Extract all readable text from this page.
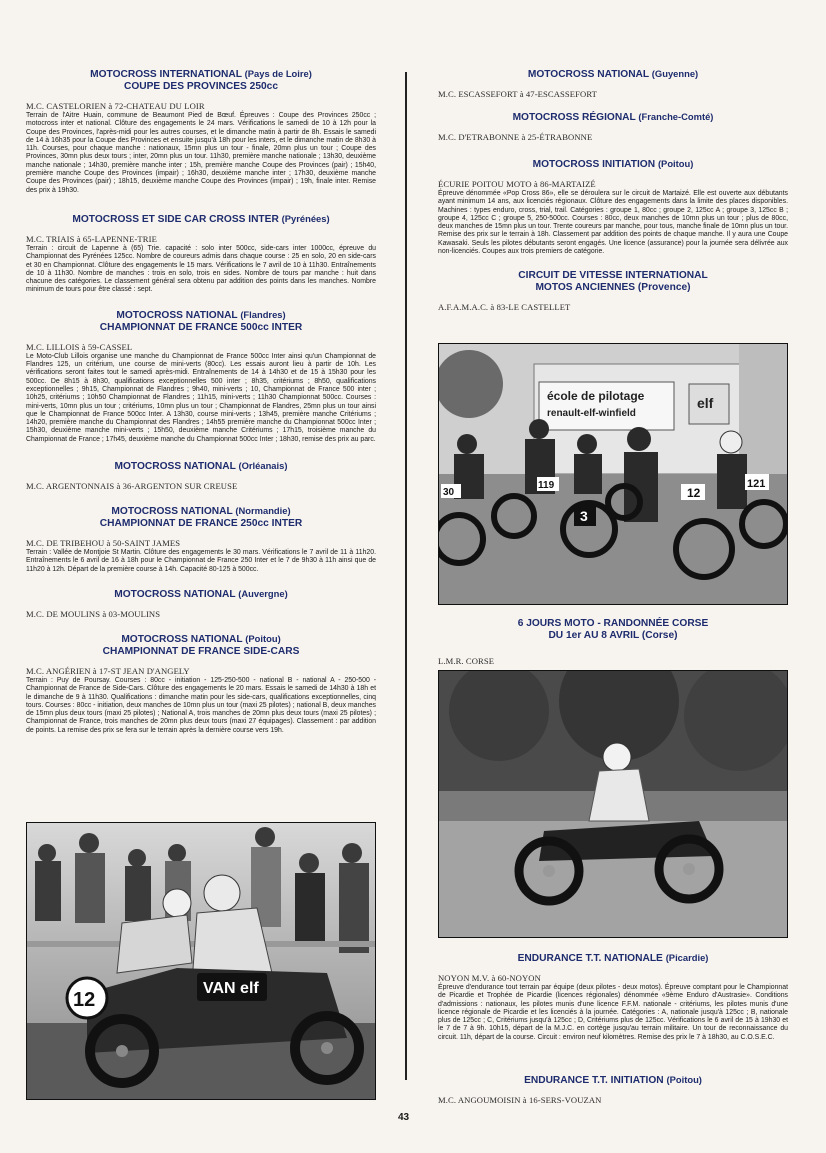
MOTOCROSS INTERNATIONAL (Pays de Loire)
COUPE DES PROVINCES 250cc
M.C. CASTELORIEN à 72-CHATEAU DU LOIR
Terrain de l'Aitre Huain, commune de Beaumont Pied de Bœuf. Épreuves : Coupe des Provinces 250cc ; motocross inter et national. Clôture des engagements le 24 mars. Vérifications le samedi de 10 à 12h pour la Coupe des Provinces, l'après-midi pour les autres courses, et le dimanche matin à partir de 8h. Essais le samedi de 14 à 16h35 pour la Coupe des Provinces et ensuite jusqu'à 18h pour les inters, et le dimanche matin de 8h30 à 11h. Courses, pour chaque manche : nationaux, 15mn plus un tour - finale, 20mn plus un tour ; Coupe des Provinces, 30mn plus deux tours ; inter, 20mn plus un tour. 11h30, première manche nationale ; 13h30, deuxième manche nationale ; 14h30, première manche inter ; 15h, première manche Coupe des Provinces (pair) ; 15h40, première manche Coupe des Provinces (impair) ; 16h30, deuxième manche inter ; 17h30, deuxième manche Coupe des Provinces (pair) ; 18h15, deuxième manche Coupe des Provinces (impair) ; 19h, finale inter. Remise des prix à 19h30.
MOTOCROSS ET SIDE CAR CROSS INTER (Pyrénées)
M.C. TRIAIS à 65-LAPENNE-TRIE
Terrain : circuit de Lapenne à (65) Trie. capacité : solo inter 500cc, side-cars inter 1000cc, épreuve du Championnat des Pyrénées 125cc. Nombre de coureurs admis dans chaque course : 25 en solo, 20 en side-cars et 30 en Championnat. Clôture des engagements le 15 mars. Vérifications le 7 avril de 10 à 11h30. Entraînements de 10 à 11h30. Nombre de manches : trois en solo, trois en sides. Nombre de tours par manche : huit dans chacune des catégories. Le classement général sera obtenu par addition des points dans les manches. Nombre minimum de tours pour être classé : sept.
MOTOCROSS NATIONAL (Flandres)
CHAMPIONNAT DE FRANCE 500cc INTER
M.C. LILLOIS à 59-CASSEL
Le Moto-Club Lillois organise une manche du Championnat de France 500cc Inter ainsi qu'un Championnat de Flandres 125, un critérium, une course de mini-verts (80cc). Les essais auront lieu à partir de 10h. Les vérifications seront faites tout le samedi après-midi. Entraînements de 14 à 14h30 et de 15 à 15h30 pour les 500cc. De 8h15 à 8h30, qualifications exceptionnelles 500 inter ; 8h35, critériums ; 8h50, qualifications exceptionnelles ; 9h15, Championnat de Flandres ; 9h40, mini-verts ; 10, Championnat de France 500 inter ; 10h25, critériums ; 10h50 Championnat de Flandres ; 11h15, mini-verts ; 11h30 Championnat 500cc. Courses : mini-verts, 10mn plus un tour ; critériums, 10mn plus un tour ; Championnat de Flandres, 25mn plus un tour ainsi que le Championnat de France 500cc Inter. A 13h30, course mini-verts ; 13h45, première manche Critériums ; 14h20, première manche du Championnat des Flandres ; 14h55 première manche du Championnat 500cc Inter ; 15h30, deuxième manche mini-verts ; 15h50, deuxième manche Critériums ; 17h15, troisième manche du Championnat de France ; 17h45, deuxième manche du Championnat 500cc Inter ; 18h30, remise des prix au parc.
MOTOCROSS NATIONAL (Orléanais)
M.C. ARGENTONNAIS à 36-ARGENTON SUR CREUSE
MOTOCROSS NATIONAL (Normandie)
CHAMPIONNAT DE FRANCE 250cc INTER
M.C. DE TRIBEHOU à 50-SAINT JAMES
Terrain : Vallée de Montjoie St Martin. Clôture des engagements le 30 mars. Vérifications le 7 avril de 11 à 11h20. Entraînements le 6 avril de 16 à 18h pour le Championnat de France 250 Inter et le 7 de 9h30 à 11h ainsi que de 11h20 à 12h. Départ de la première course à 14h. Capacité 80-125 à 500cc.
MOTOCROSS NATIONAL (Auvergne)
M.C. DE MOULINS à 03-MOULINS
MOTOCROSS NATIONAL (Poitou)
CHAMPIONNAT DE FRANCE SIDE-CARS
M.C. ANGÉRIEN à 17-ST JEAN D'ANGELY
Terrain : Puy de Poursay. Courses : 80cc - initiation - 125-250-500 - national B - national A - 250-500 - Championnat de France de Side-Cars. Clôture des engagements le 20 mars. Essais le samedi de 14h30 à 18h et le dimanche de 9 à 11h30. Qualifications : dimanche matin pour les side-cars, qualifications exceptionnelles, cinq tours. Courses : 80cc - initiation, deux manches de 10mn plus un tour (maxi 25 pilotes) ; national B, deux manches de 15mn plus deux tours (maxi 25 pilotes) ; National A, trois manches de 20mn plus deux tours (maxi 25 pilotes) ; Championnat de France, trois manches de 20mn plus deux tours (maxi 27 équipages). Classement : par addition de points. La remise des prix se fera sur le terrain après la dernière course vers 19h.
VAN elf
12
MOTOCROSS NATIONAL (Guyenne)
M.C. ESCASSEFORT à 47-ESCASSEFORT
MOTOCROSS RÉGIONAL (Franche-Comté)
M.C. D'ETRABONNE à 25-ÉTRABONNE
MOTOCROSS INITIATION (Poitou)
ÉCURIE POITOU MOTO à 86-MARTAIZÉ
Épreuve dénommée «Pop Cross 86», elle se déroulera sur le circuit de Martaizé. Elle est ouverte aux débutants ayant minimum 14 ans, aux licenciés régionaux. Clôture des engagements dans la limite des places disponibles. Machines : types enduro, cross, trial, trail. Catégories : groupe 1, 80cc ; groupe 2, 125cc A ; groupe 3, 125cc B ; groupe 4, 125cc C ; groupe 5, 250-500cc. Courses : 80cc, deux manches de 10mn plus un tour ; plus de 80cc, deux manches de 15mn plus un tour. Trente coureurs par manche, pour tous, manche finale de 10mn plus un tour. Remise des prix sur le terrain à 18h. Classement par addition des points de chaque manche. Il y aura une Coupe Kawasaki. Seuls les pilotes débutants seront engagés. Une licence (assurance) pour la journée sera délivrée aux non-licenciés. Coupes aux trois premiers de catégorie.
CIRCUIT DE VITESSE INTERNATIONAL
MOTOS ANCIENNES (Provence)
A.F.A.M.A.C. à 83-LE CASTELLET
école de pilotage
renault-elf-winfield
elf
3
119
12
121
30
6 JOURS MOTO - RANDONNÉE CORSE
DU 1er AU 8 AVRIL (Corse)
L.M.R. CORSE
ENDURANCE T.T. NATIONALE (Picardie)
NOYON M.V. à 60-NOYON
Épreuve d'endurance tout terrain par équipe (deux pilotes - deux motos). Épreuve comptant pour le Championnat de Picardie et Trophée de Picardie (licences régionales) dénommée «9ème Enduro d'Austrasie». Conditions d'admissions : nationaux, les pilotes munis d'une licence F.F.M. nationale - critériums, les pilotes munis d'une licence régionale de Picardie et les licenciés à la journée. Catégories : A, nationale jusqu'à 125cc ; B, nationale plus de 125cc ; C, Critériums jusqu'à 125cc ; D, Critériums plus de 125cc. Vérifications le 6 avril de 15 à 19h30 et le 7 de 7 à 9h. 10h15, départ de la M.J.C. en cortège jusqu'au terrain militaire. Un tour de reconnaissance du circuit. 11h, départ de la course. Circuit : environ neuf kilomètres. Remise des prix le 7 à 18h30, au C.O.S.E.C.
ENDURANCE T.T. INITIATION (Poitou)
M.C. ANGOUMOISIN à 16-SERS-VOUZAN
43
